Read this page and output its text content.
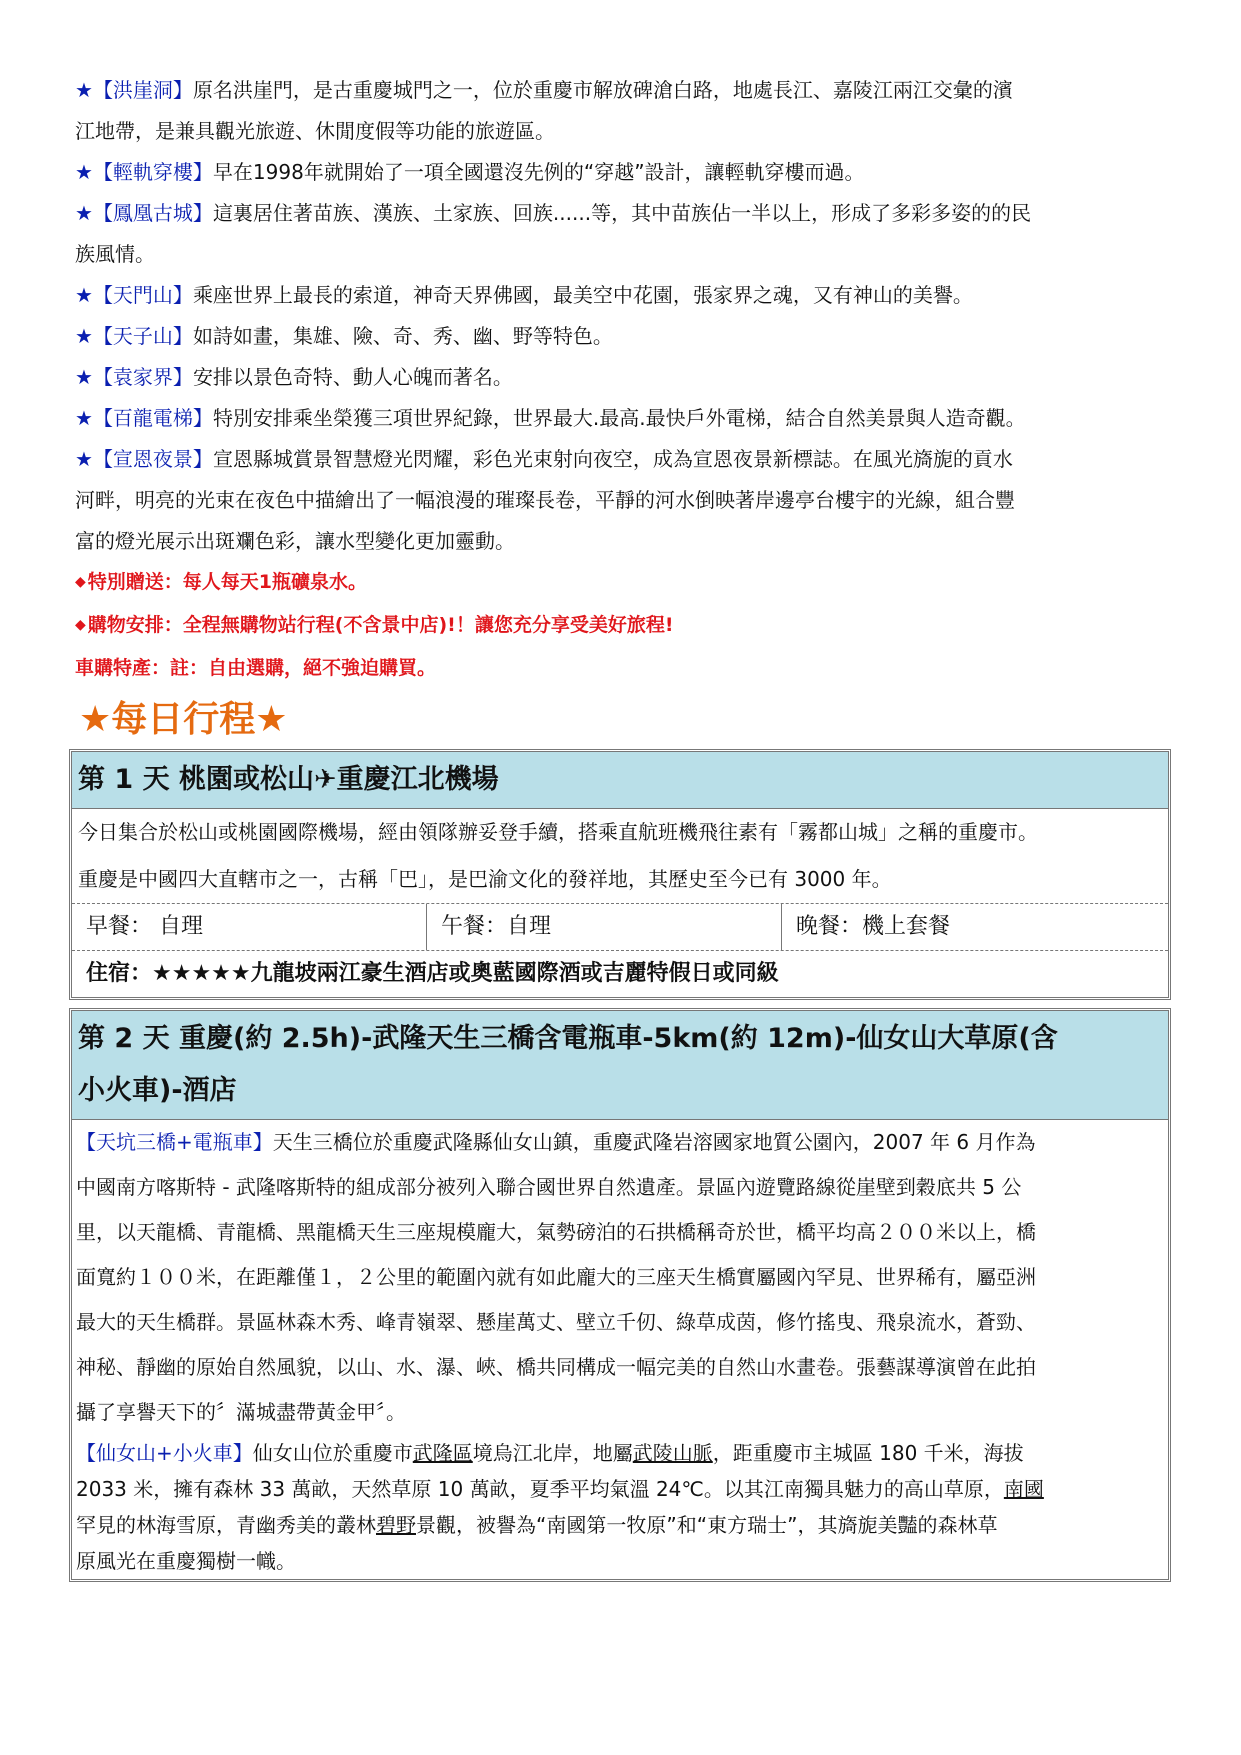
★【洪崖洞】原名洪崖門，是古重慶城門之一，位於重慶市解放碑滄白路，地處長江、嘉陵江兩江交彙的濱
江地帶，是兼具觀光旅遊、休閒度假等功能的旅遊區。
★【輕軌穿樓】早在1998年就開始了一項全國還沒先例的“穿越”設計，讓輕軌穿樓而過。
★【鳳凰古城】這裏居住著苗族、漢族、土家族、回族......等，其中苗族佔一半以上，形成了多彩多姿的的民
族風情。
★【天門山】乘座世界上最長的索道，神奇天界佛國，最美空中花園，張家界之魂，又有神山的美譽。
★【天子山】如詩如畫，集雄、險、奇、秀、幽、野等特色。
★【袁家界】安排以景色奇特、動人心魄而著名。
★【百龍電梯】特別安排乘坐榮獲三項世界紀錄，世界最大.最高.最快戶外電梯，結合自然美景與人造奇觀。
★【宣恩夜景】宣恩縣城賞景智慧燈光閃耀，彩色光束射向夜空，成為宣恩夜景新標誌。在風光旖旎的貢水
河畔，明亮的光束在夜色中描繪出了一幅浪漫的璀璨長卷，平靜的河水倒映著岸邊亭台樓宇的光線，組合豐
富的燈光展示出斑斕色彩，讓水型變化更加靈動。
◆ 特別贈送：每人每天1瓶礦泉水。
◆ 購物安排：全程無購物站行程(不含景中店)!！讓您充分享受美好旅程!
車購特產：註：自由選購，絕不強迫購買。
★每日行程★
第 1 天 桃園或松山✈重慶江北機場
今日集合於松山或桃園國際機場，經由領隊辦妥登手續，搭乘直航班機飛往素有「霧都山城」之稱的重慶市。
重慶是中國四大直轄市之一，古稱「巴」，是巴渝文化的發祥地，其歷史至今已有 3000 年。
早餐： 自理	午餐：自理	晚餐：機上套餐
住宿：★★★★★九龍坡兩江豪生酒店或奧藍國際酒或吉麗特假日或同級
第 2 天 重慶(約 2.5h)-武隆天生三橋含電瓶車-5km(約 12m)-仙女山大草原(含
小火車)-酒店
【天坑三橋+電瓶車】天生三橋位於重慶武隆縣仙女山鎮，重慶武隆岩溶國家地質公園內，2007 年 6 月作為
中國南方喀斯特 - 武隆喀斯特的組成部分被列入聯合國世界自然遺產。景區內遊覽路線從崖壁到穀底共 5 公
里，以天龍橋、青龍橋、黑龍橋天生三座規模龐大，氣勢磅泊的石拱橋稱奇於世，橋平均高２００米以上，橋
面寬約１００米，在距離僅１，２公里的範圍內就有如此龐大的三座天生橋實屬國內罕見、世界稀有，屬亞洲
最大的天生橋群。景區林森木秀、峰青嶺翠、懸崖萬丈、壁立千仞、綠草成茵，修竹搖曳、飛泉流水，蒼勁、
神秘、靜幽的原始自然風貌，以山、水、瀑、峽、橋共同構成一幅完美的自然山水畫卷。張藝謀導演曾在此拍
攝了享譽天下的〞滿城盡帶黃金甲〞。
【仙女山+小火車】仙女山位於重慶市武隆區境烏江北岸，地屬武陵山脈，距重慶市主城區 180 千米，海拔
2033 米，擁有森林 33 萬畝，天然草原 10 萬畝，夏季平均氣溫 24℃。以其江南獨具魅力的高山草原，南國
罕見的林海雪原，青幽秀美的叢林碧野景觀，被譽為“南國第一牧原”和“東方瑞士”，其旖旎美豔的森林草
原風光在重慶獨樹一幟。
